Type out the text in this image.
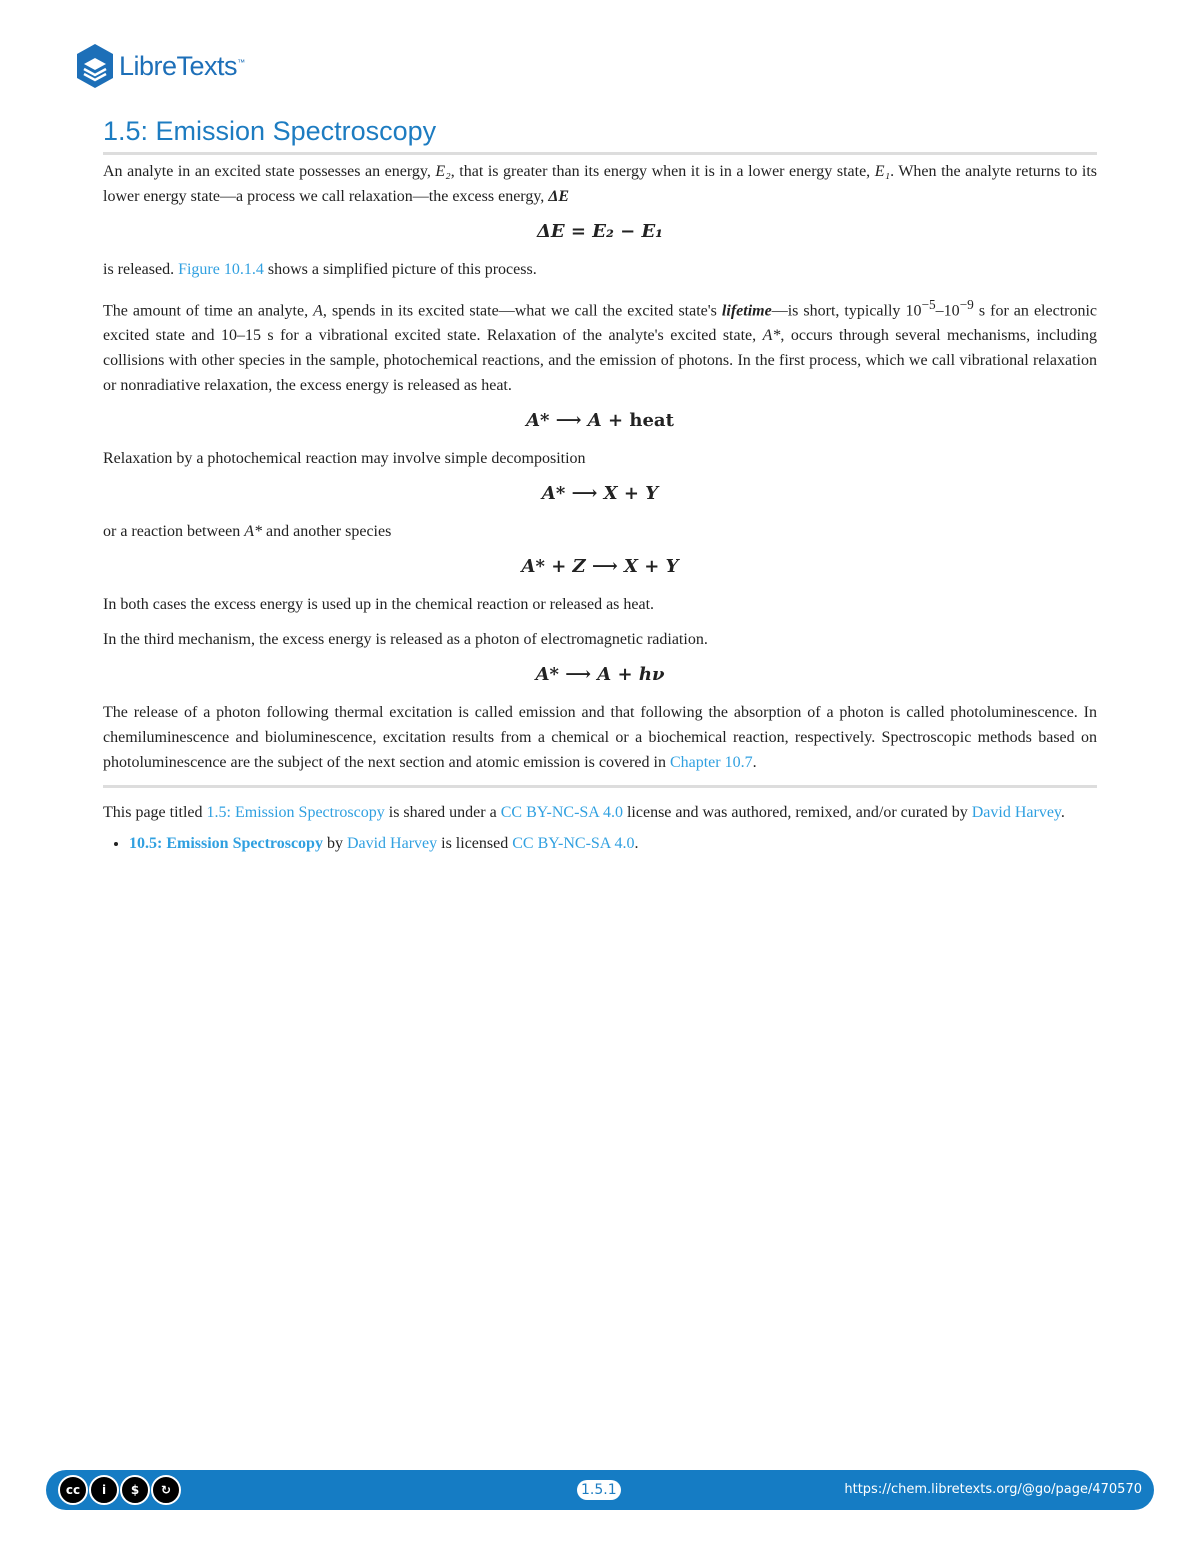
LibreTexts™
1.5: Emission Spectroscopy

An analyte in an excited state possesses an energy, E₂, that is greater than its energy when it is in a lower energy state, E₁. When the analyte returns to its lower energy state—a process we call relaxation—the excess energy, ΔE

ΔE = E₂ − E₁

is released. Figure 10.1.4 shows a simplified picture of this process.

The amount of time an analyte, A, spends in its excited state—what we call the excited state's lifetime—is short, typically $10^{-5}-10^{-9}$ s for an electronic excited state and 10–15 s for a vibrational excited state. Relaxation of the analyte's excited state, A*, occurs through several mechanisms, including collisions with other species in the sample, photochemical reactions, and the emission of photons. In the first process, which we call vibrational relaxation or nonradiative relaxation, the excess energy is released as heat.

A* ⟶ A + heat

Relaxation by a photochemical reaction may involve simple decomposition

A* ⟶ X + Y

or a reaction between A* and another species

A* + Z ⟶ X + Y

In both cases the excess energy is used up in the chemical reaction or released as heat.

In the third mechanism, the excess energy is released as a photon of electromagnetic radiation.

A* ⟶ A + hν

The release of a photon following thermal excitation is called emission and that following the absorption of a photon is called photoluminescence. In chemiluminescence and bioluminescence, excitation results from a chemical or a biochemical reaction, respectively. Spectroscopic methods based on photoluminescence are the subject of the next section and atomic emission is covered in Chapter 10.7.

This page titled 1.5: Emission Spectroscopy is shared under a CC BY-NC-SA 4.0 license and was authored, remixed, and/or curated by David Harvey.

• 10.5: Emission Spectroscopy by David Harvey is licensed CC BY-NC-SA 4.0.
cc	i	$	↻	1.5.1	https://chem.libretexts.org/@go/page/470570
